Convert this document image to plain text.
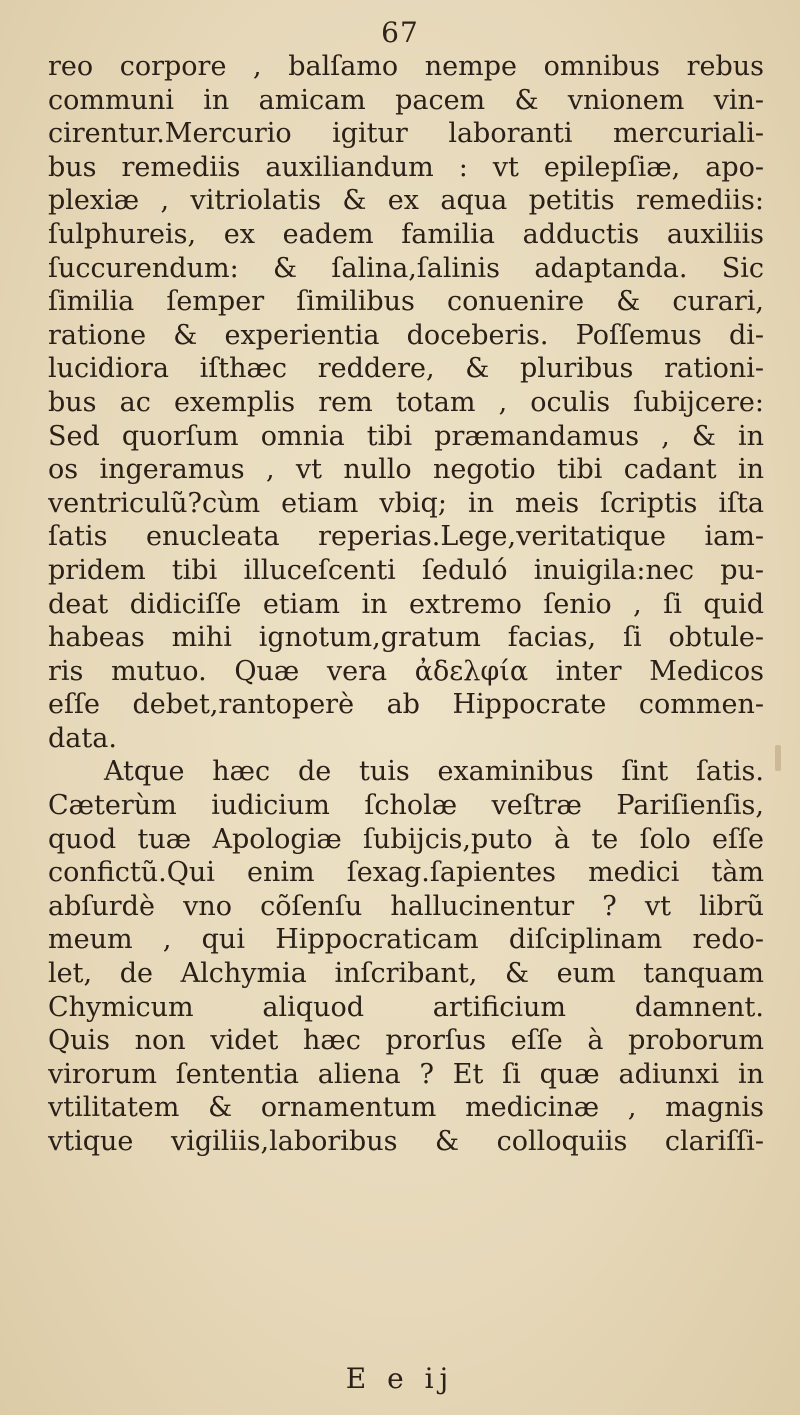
67
reo corpore , balſamo nempe omnibus rebus
communi in amicam pacem & vnionem vin-
cirentur.Mercurio igitur laboranti mercuriali-
bus remediis auxiliandum : vt epilepſiæ, apo-
plexiæ , vitriolatis & ex aqua petitis remediis:
ſulphureis, ex eadem familia adductis auxiliis
ſuccurendum: & ſalina,ſalinis adaptanda. Sic
ſimilia ſemper ſimilibus conuenire & curari,
ratione & experientia doceberis. Poſſemus di-
lucidiora iſthæc reddere, & pluribus rationi-
bus ac exemplis rem totam , oculis ſubijcere:
Sed quorſum omnia tibi præmandamus , & in
os ingeramus , vt nullo negotio tibi cadant in
ventriculũ?cùm etiam vbiq; in meis ſcriptis iſta
ſatis enucleata reperias.Lege,veritatique iam-
pridem tibi illuceſcenti ſeduló inuigila:nec pu-
deat didiciſſe etiam in extremo ſenio , ſi quid
habeas mihi ignotum,gratum facias, ſi obtule-
ris mutuo. Quæ vera ἀδελφία inter Medicos
eſſe debet,rantoperè ab Hippocrate commen-
data.
Atque hæc de tuis examinibus ſint ſatis.
Cæterùm iudicium ſcholæ veſtræ Pariſienſis,
quod tuæ Apologiæ ſubijcis,puto à te ſolo eſſe
confictũ.Qui enim ſexag.ſapientes medici tàm
abſurdè vno cõſenſu hallucinentur ? vt librũ
meum , qui Hippocraticam diſciplinam redo-
let, de Alchymia inſcribant, & eum tanquam
Chymicum aliquod artificium damnent.
Quis non videt hæc prorſus eſſe à proborum
virorum ſententia aliena ? Et ſi quæ adiunxi in
vtilitatem & ornamentum medicinæ , magnis
vtique vigiliis,laboribus & colloquiis clariſſi-
E e ij
